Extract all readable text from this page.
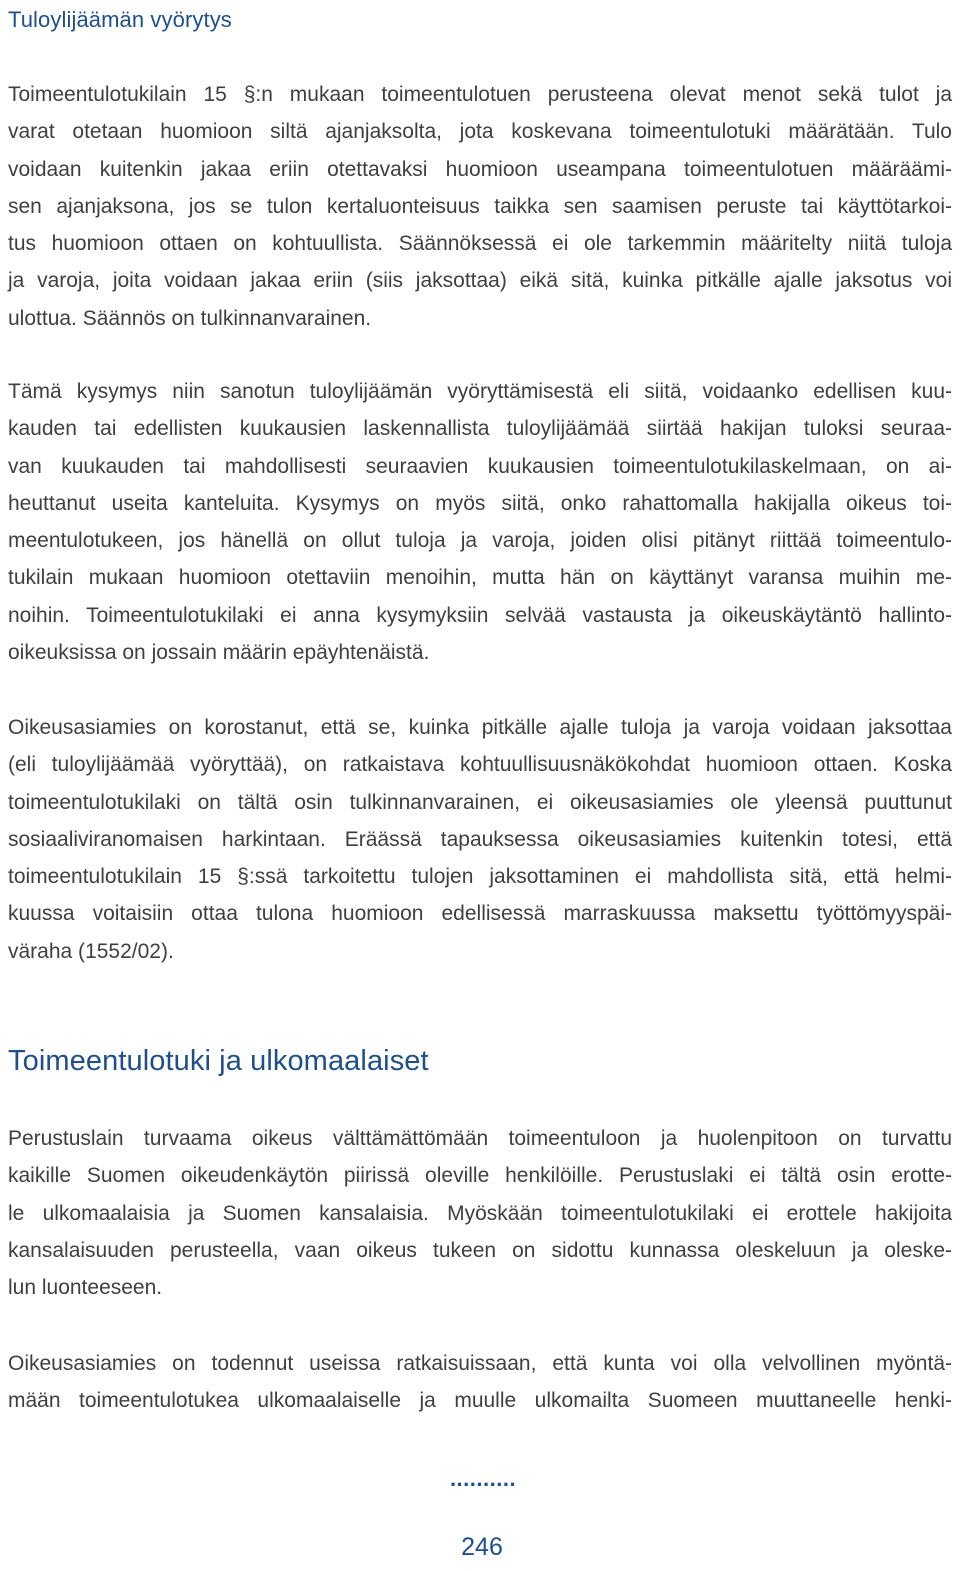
Tuloylijäämän vyörytys

Toimeentulotukilain 15 §:n mukaan toimeentulotuen perusteena olevat menot sekä tulot ja
varat otetaan huomioon siltä ajanjaksolta, jota koskevana toimeentulotuki määrätään. Tulo
voidaan kuitenkin jakaa eriin otettavaksi huomioon useampana toimeentulotuen määräämi-
sen ajanjaksona, jos se tulon kertaluonteisuus taikka sen saamisen peruste tai käyttötarkoi-
tus huomioon ottaen on kohtuullista. Säännöksessä ei ole tarkemmin määritelty niitä tuloja
ja varoja, joita voidaan jakaa eriin (siis jaksottaa) eikä sitä, kuinka pitkälle ajalle jaksotus voi
ulottua. Säännös on tulkinnanvarainen.

Tämä kysymys niin sanotun tuloylijäämän vyöryttämisestä eli siitä, voidaanko edellisen kuu-
kauden tai edellisten kuukausien laskennallista tuloylijäämää siirtää hakijan tuloksi seuraa-
van kuukauden tai mahdollisesti seuraavien kuukausien toimeentulotukilaskelmaan, on ai-
heuttanut useita kanteluita. Kysymys on myös siitä, onko rahattomalla hakijalla oikeus toi-
meentulotukeen, jos hänellä on ollut tuloja ja varoja, joiden olisi pitänyt riittää toimeentulo-
tukilain mukaan huomioon otettaviin menoihin, mutta hän on käyttänyt varansa muihin me-
noihin. Toimeentulotukilaki ei anna kysymyksiin selvää vastausta ja oikeuskäytäntö hallinto-
oikeuksissa on jossain määrin epäyhtenäistä.

Oikeusasiamies on korostanut, että se, kuinka pitkälle ajalle tuloja ja varoja voidaan jaksottaa
(eli tuloylijäämää vyöryttää), on ratkaistava kohtuullisuusnäkökohdat huomioon ottaen. Koska
toimeentulotukilaki on tältä osin tulkinnanvarainen, ei oikeusasiamies ole yleensä puuttunut
sosiaaliviranomaisen harkintaan. Eräässä tapauksessa oikeusasiamies kuitenkin totesi, että
toimeentulotukilain 15 §:ssä tarkoitettu tulojen jaksottaminen ei mahdollista sitä, että helmi-
kuussa voitaisiin ottaa tulona huomioon edellisessä marraskuussa maksettu työttömyyspäi-
väraha (1552/02).

Toimeentulotuki ja ulkomaalaiset

Perustuslain turvaama oikeus välttämättömään toimeentuloon ja huolenpitoon on turvattu
kaikille Suomen oikeudenkäytön piirissä oleville henkilöille. Perustuslaki ei tältä osin erotte-
le ulkomaalaisia ja Suomen kansalaisia. Myöskään toimeentulotukilaki ei erottele hakijoita
kansalaisuuden perusteella, vaan oikeus tukeen on sidottu kunnassa oleskeluun ja oleske-
lun luonteeseen.

Oikeusasiamies on todennut useissa ratkaisuissaan, että kunta voi olla velvollinen myöntä-
mään toimeentulotukea ulkomaalaiselle ja muulle ulkomailta Suomeen muuttaneelle henki-

..........
246
